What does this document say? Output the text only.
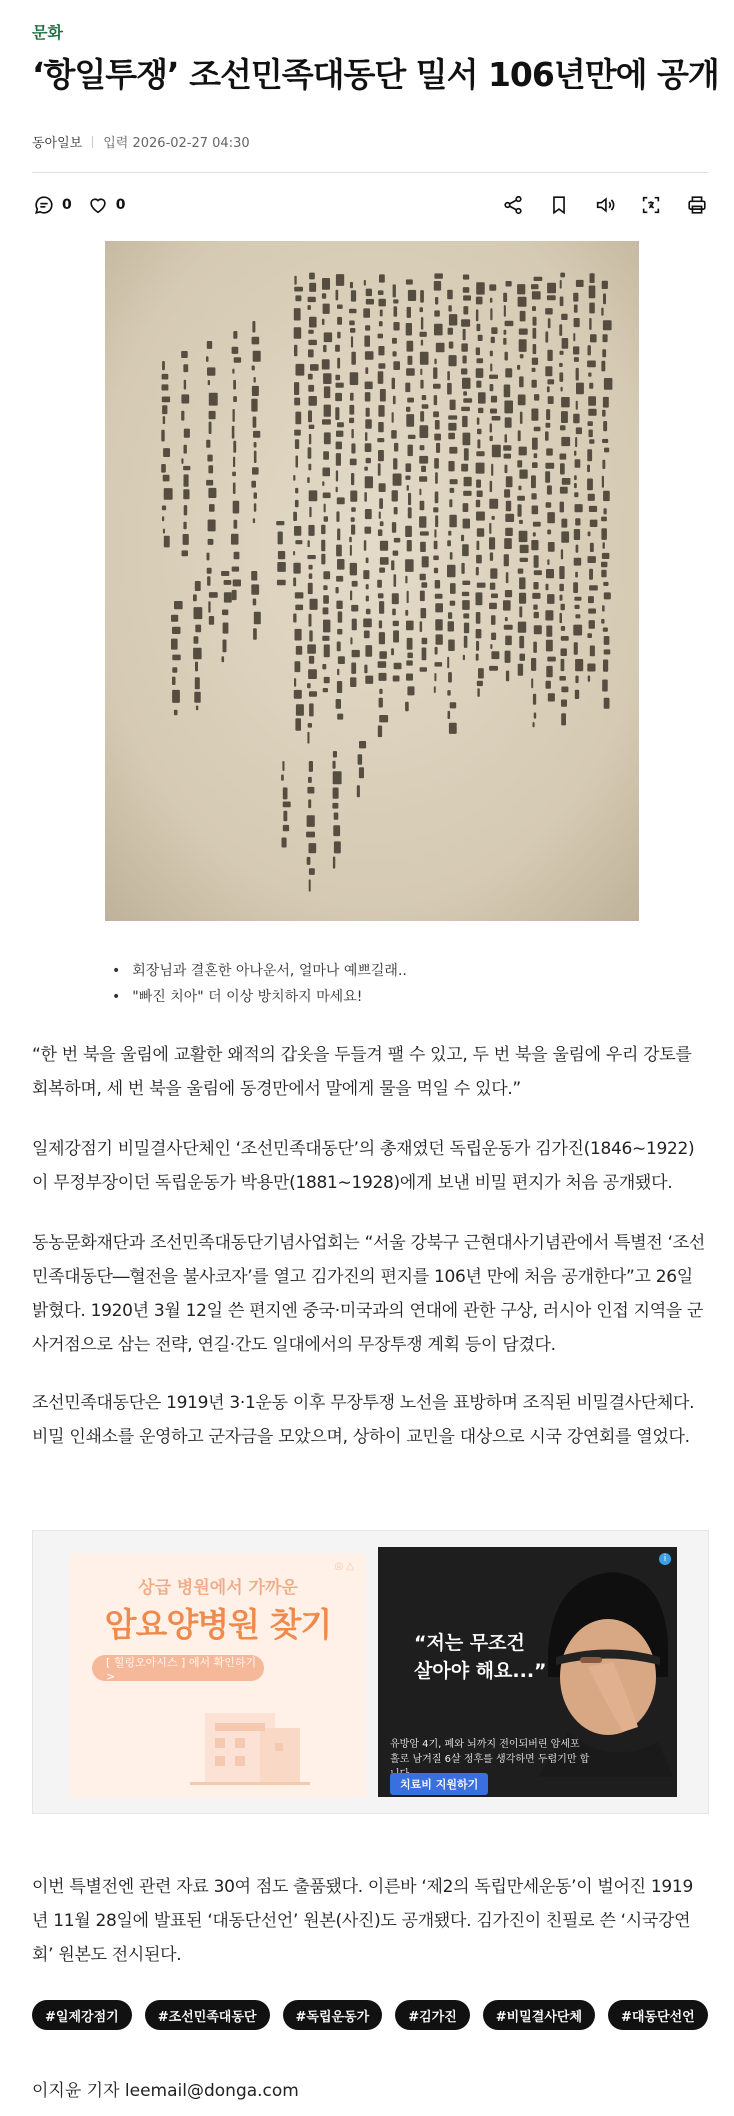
문화
‘항일투쟁’ 조선민족대동단 밀서 106년만에 공개
동아일보 입력 2026-02-27 04:30
0	0
• 회장님과 결혼한 아나운서, 얼마나 예쁘길래..
• "빠진 치아" 더 이상 방치하지 마세요!

“한 번 북을 울림에 교활한 왜적의 갑옷을 두들겨 팰 수 있고, 두 번 북을 울림에 우리 강토를 회복하며, 세 번 북을 울림에 동경만에서 말에게 물을 먹일 수 있다.”

일제강점기 비밀결사단체인 ‘조선민족대동단’의 총재였던 독립운동가 김가진(1846∼1922)이 무정부장이던 독립운동가 박용만(1881∼1928)에게 보낸 비밀 편지가 처음 공개됐다.

동농문화재단과 조선민족대동단기념사업회는 “서울 강북구 근현대사기념관에서 특별전 ‘조선민족대동단―혈전을 불사코자’를 열고 김가진의 편지를 106년 만에 처음 공개한다”고 26일 밝혔다. 1920년 3월 12일 쓴 편지엔 중국·미국과의 연대에 관한 구상, 러시아 인접 지역을 군사거점으로 삼는 전략, 연길·간도 일대에서의 무장투쟁 계획 등이 담겼다.

조선민족대동단은 1919년 3·1운동 이후 무장투쟁 노선을 표방하며 조직된 비밀결사단체다. 비밀 인쇄소를 운영하고 군자금을 모았으며, 상하이 교민을 대상으로 시국 강연회를 열었다.

◎ △
상급 병원에서 가까운
암요양병원 찾기
[ 힐링오아시스 ] 에서 확인하기 >
i
“저는 무조건
살아야 해요...”
유방암 4기, 폐와 뇌까지 전이되버린 암세포
홀로 남겨질 6살 정후를 생각하면 두렵기만 합
치료비 지원하기

이번 특별전엔 관련 자료 30여 점도 출품됐다. 이른바 ‘제2의 독립만세운동’이 벌어진 1919년 11월 28일에 발표된 ‘대동단선언’ 원본(사진)도 공개됐다. 김가진이 친필로 쓴 ‘시국강연회’ 원본도 전시된다.

#일제강점기	#조선민족대동단	#독립운동가	#김가진	#비밀결사단체	#대동단선언
이지윤 기자 leemail@donga.com
